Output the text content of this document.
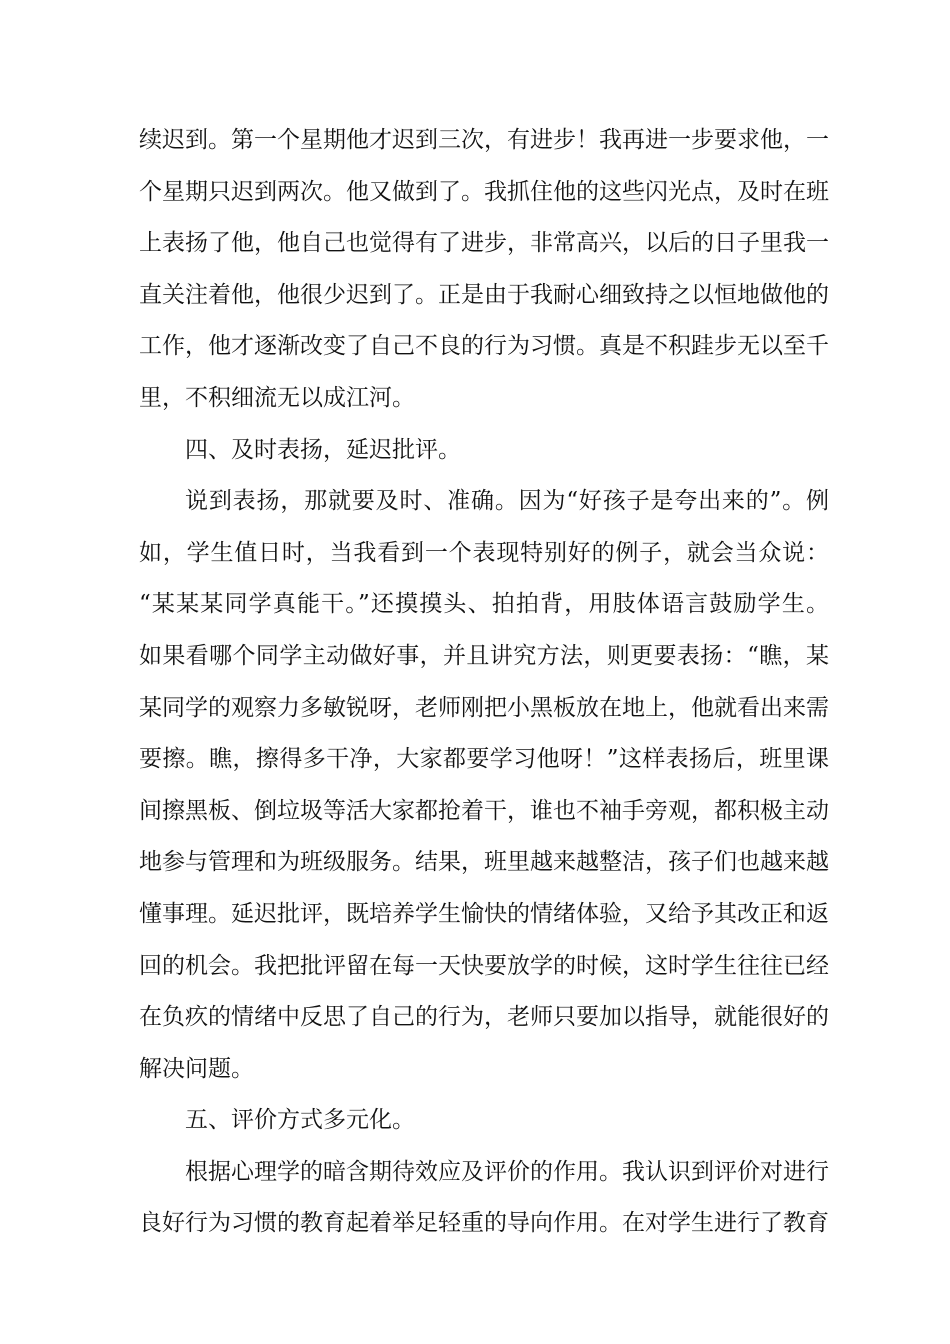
续迟到。第一个星期他才迟到三次，有进步！我再进一步要求他，一
个星期只迟到两次。他又做到了。我抓住他的这些闪光点，及时在班
上表扬了他，他自己也觉得有了进步，非常高兴，以后的日子里我一
直关注着他，他很少迟到了。正是由于我耐心细致持之以恒地做他的
工作，他才逐渐改变了自己不良的行为习惯。真是不积跬步无以至千
里，不积细流无以成江河。
四、及时表扬，延迟批评。
说到表扬，那就要及时、准确。因为“好孩子是夸出来的”。例
如，学生值日时，当我看到一个表现特别好的例子，就会当众说：
“某某某同学真能干。”还摸摸头、拍拍背，用肢体语言鼓励学生。
如果看哪个同学主动做好事，并且讲究方法，则更要表扬：“瞧，某
某同学的观察力多敏锐呀，老师刚把小黑板放在地上，他就看出来需
要擦。瞧，擦得多干净，大家都要学习他呀！”这样表扬后，班里课
间擦黑板、倒垃圾等活大家都抢着干，谁也不袖手旁观，都积极主动
地参与管理和为班级服务。结果，班里越来越整洁，孩子们也越来越
懂事理。延迟批评，既培养学生愉快的情绪体验，又给予其改正和返
回的机会。我把批评留在每一天快要放学的时候，这时学生往往已经
在负疚的情绪中反思了自己的行为，老师只要加以指导，就能很好的
解决问题。
五、评价方式多元化。
根据心理学的暗含期待效应及评价的作用。我认识到评价对进行
良好行为习惯的教育起着举足轻重的导向作用。在对学生进行了教育
